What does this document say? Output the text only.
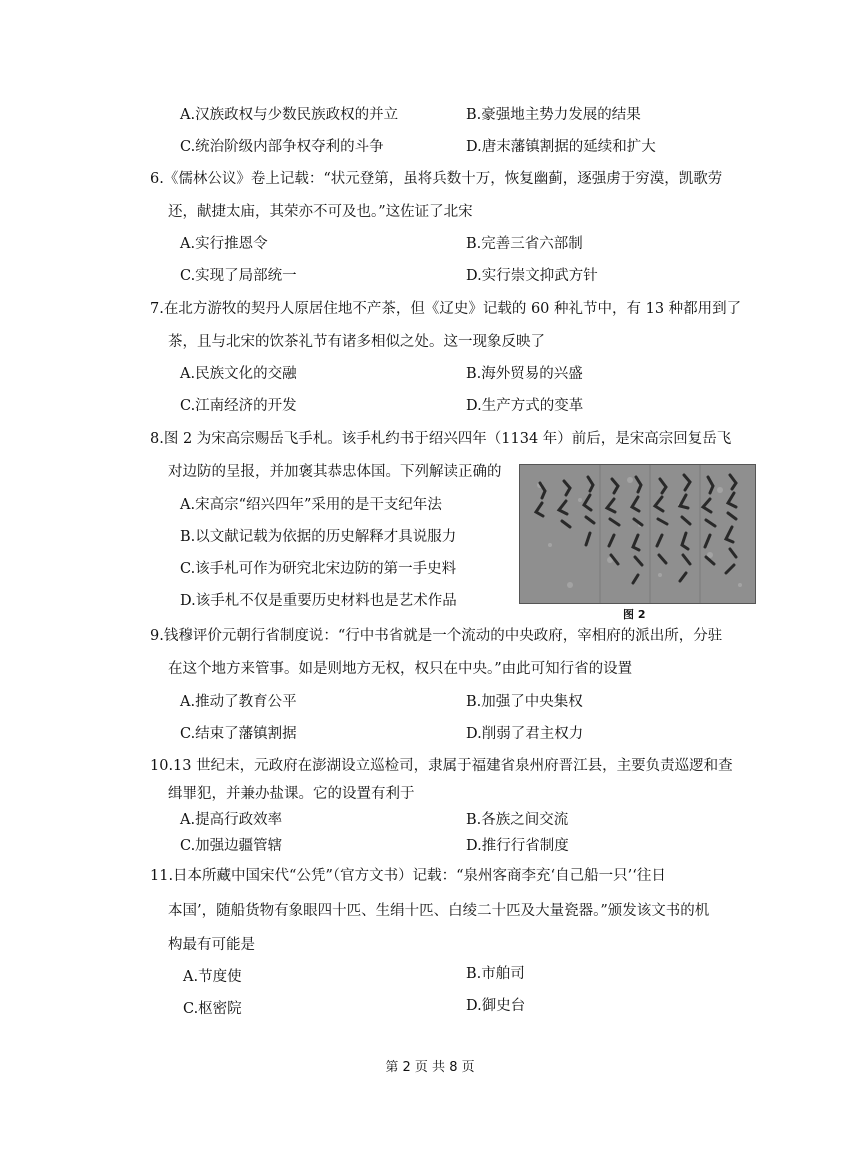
A.汉族政权与少数民族政权的并立	B.豪强地主势力发展的结果
C.统治阶级内部争权夺利的斗争	D.唐末藩镇割据的延续和扩大
6.《儒林公议》卷上记载：“状元登第，虽将兵数十万，恢复幽蓟，逐强虏于穷漠，凯歌劳
还，献捷太庙，其荣亦不可及也。”这佐证了北宋
A.实行推恩令	B.完善三省六部制
C.实现了局部统一	D.实行崇文抑武方针
7.在北方游牧的契丹人原居住地不产茶，但《辽史》记载的 60 种礼节中，有 13 种都用到了
茶，且与北宋的饮茶礼节有诸多相似之处。这一现象反映了
A.民族文化的交融	B.海外贸易的兴盛
C.江南经济的开发	D.生产方式的变革
8.图 2 为宋高宗赐岳飞手札。该手札约书于绍兴四年（1134 年）前后，是宋高宗回复岳飞
对边防的呈报，并加褒其恭忠体国。下列解读正确的
A.宋高宗“绍兴四年”采用的是干支纪年法
B.以文献记载为依据的历史解释才具说服力
C.该手札可作为研究北宋边防的第一手史料
D.该手札不仅是重要历史材料也是艺术作品
图 2
9.钱穆评价元朝行省制度说：“行中书省就是一个流动的中央政府，宰相府的派出所，分驻
在这个地方来管事。如是则地方无权，权只在中央。”由此可知行省的设置
A.推动了教育公平	B.加强了中央集权
C.结束了藩镇割据	D.削弱了君主权力
10.13 世纪末，元政府在澎湖设立巡检司，隶属于福建省泉州府晋江县，主要负责巡逻和查
缉罪犯，并兼办盐课。它的设置有利于
A.提高行政效率	B.各族之间交流
C.加强边疆管辖	D.推行行省制度
11.日本所藏中国宋代“公凭”（官方文书）记载：“泉州客商李充‘自己船一只’‘往日
本国’，随船货物有象眼四十匹、生绢十匹、白绫二十匹及大量瓷器。”颁发该文书的机
构最有可能是
A.节度使	B.市舶司
C.枢密院	D.御史台
第 2 页 共 8 页
